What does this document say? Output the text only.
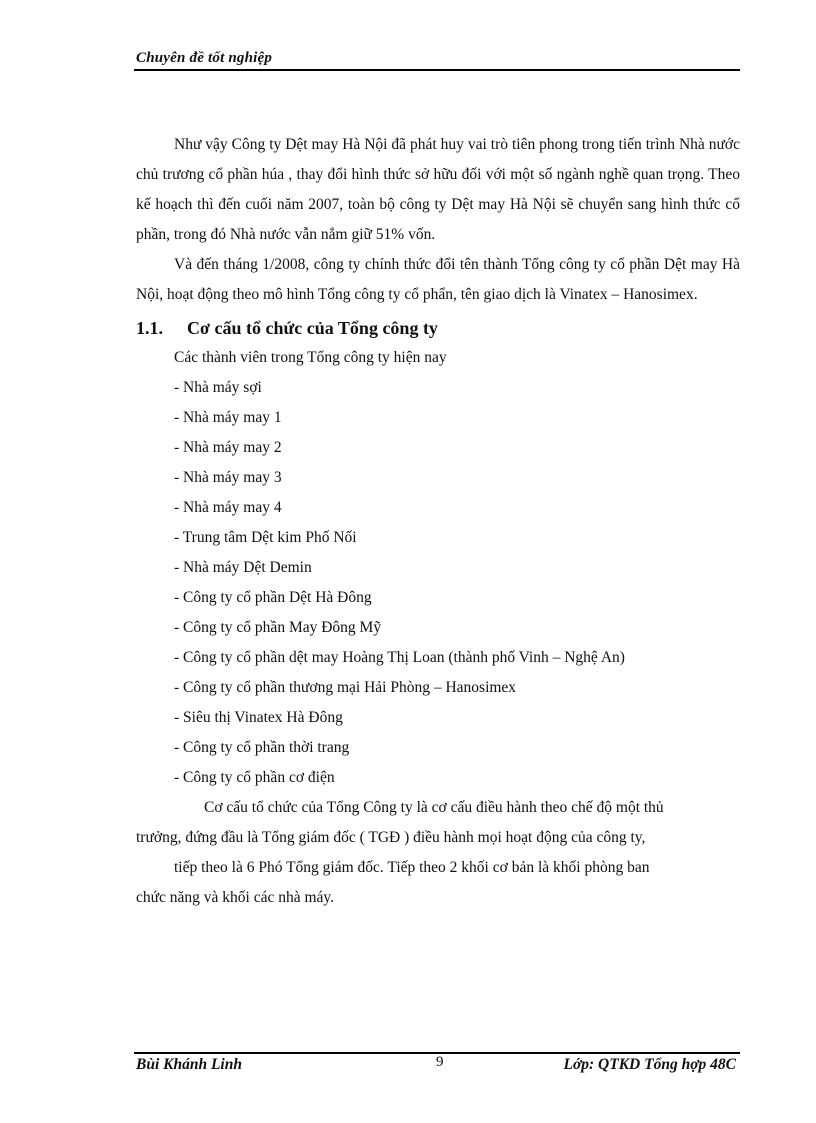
Chuyên đề tốt nghiệp

Như vậy Công ty Dệt may Hà Nội đã phát huy vai trò tiên phong trong tiến trình Nhà nước chủ trương cổ phần húa , thay đổi hình thức sở hữu đối với một số ngành nghề quan trọng. Theo kế hoạch thì đến cuối năm 2007, toàn bộ công ty Dệt may Hà Nội sẽ chuyển sang hình thức cổ phần, trong đó Nhà nước vẫn nắm giữ 51% vốn.

Và đến tháng 1/2008, công ty chính thức đổi tên thành Tổng công ty cổ phần Dệt may Hà Nội, hoạt động theo mô hình Tổng công ty cổ phẩn, tên giao dịch là Vinatex – Hanosimex.

1.1.	Cơ cấu tổ chức của Tổng công ty

Các thành viên trong Tổng công ty hiện nay

- Nhà máy sợi
- Nhà máy may 1
- Nhà máy may 2
- Nhà máy may 3
- Nhà máy may 4
- Trung tâm Dệt kim Phố Nối
- Nhà máy Dệt Demin
- Công ty cổ phần Dệt Hà Đông
- Công ty cổ phần May Đông Mỹ
- Công ty cổ phần dệt may Hoàng Thị Loan (thành phố Vinh – Nghệ An)
- Công ty cổ phần thương mại Hải Phòng – Hanosimex
- Siêu thị Vinatex Hà Đông
- Công ty cổ phần thời trang
- Công ty cổ phần cơ điện

Cơ cấu tổ chức của Tổng Công ty là cơ cấu điều hành theo chế độ một thủ

trưởng, đứng đầu là Tổng giám đốc ( TGĐ ) điều hành mọi hoạt động của công ty,

tiếp theo là 6 Phó Tổng giám đốc. Tiếp theo 2 khối cơ bản là khối phòng ban

chức năng và khối các nhà máy.

Bùi Khánh Linh	9	Lớp: QTKD Tổng hợp 48C
